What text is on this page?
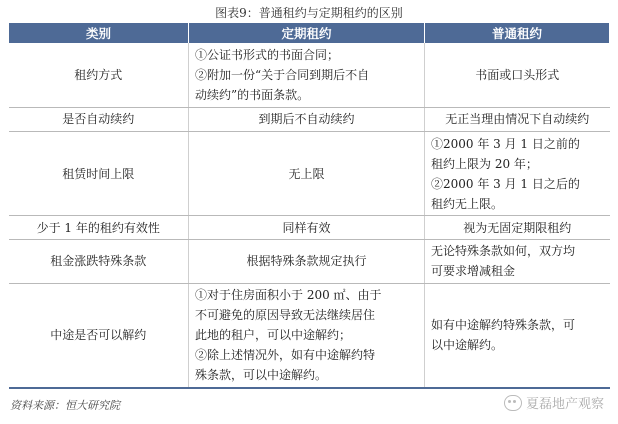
图表9：普通租约与定期租约的区别
类别	定期租约	普通租约
租约方式	①公证书形式的书面合同；
②附加一份“关于合同到期后不自
动续约”的书面条款。	书面或口头形式

是否自动续约	到期后不自动续约	无正当理由情况下自动续约

租赁时间上限	无上限	①2000 年 3 月 1 日之前的
租约上限为 20 年；
②2000 年 3 月 1 日之后的
租约无上限。

少于 1 年的租约有效性	同样有效	视为无固定期限租约

租金涨跌特殊条款	根据特殊条款规定执行	无论特殊条款如何，双方均
可要求增减租金

中途是否可以解约	①对于住房面积小于 200 ㎡、由于
不可避免的原因导致无法继续居住
此地的租户，可以中途解约；
②除上述情况外，如有中途解约特
殊条款，可以中途解约。	如有中途解约特殊条款，可
以中途解约。
资料来源：恒大研究院	夏磊地产观察
